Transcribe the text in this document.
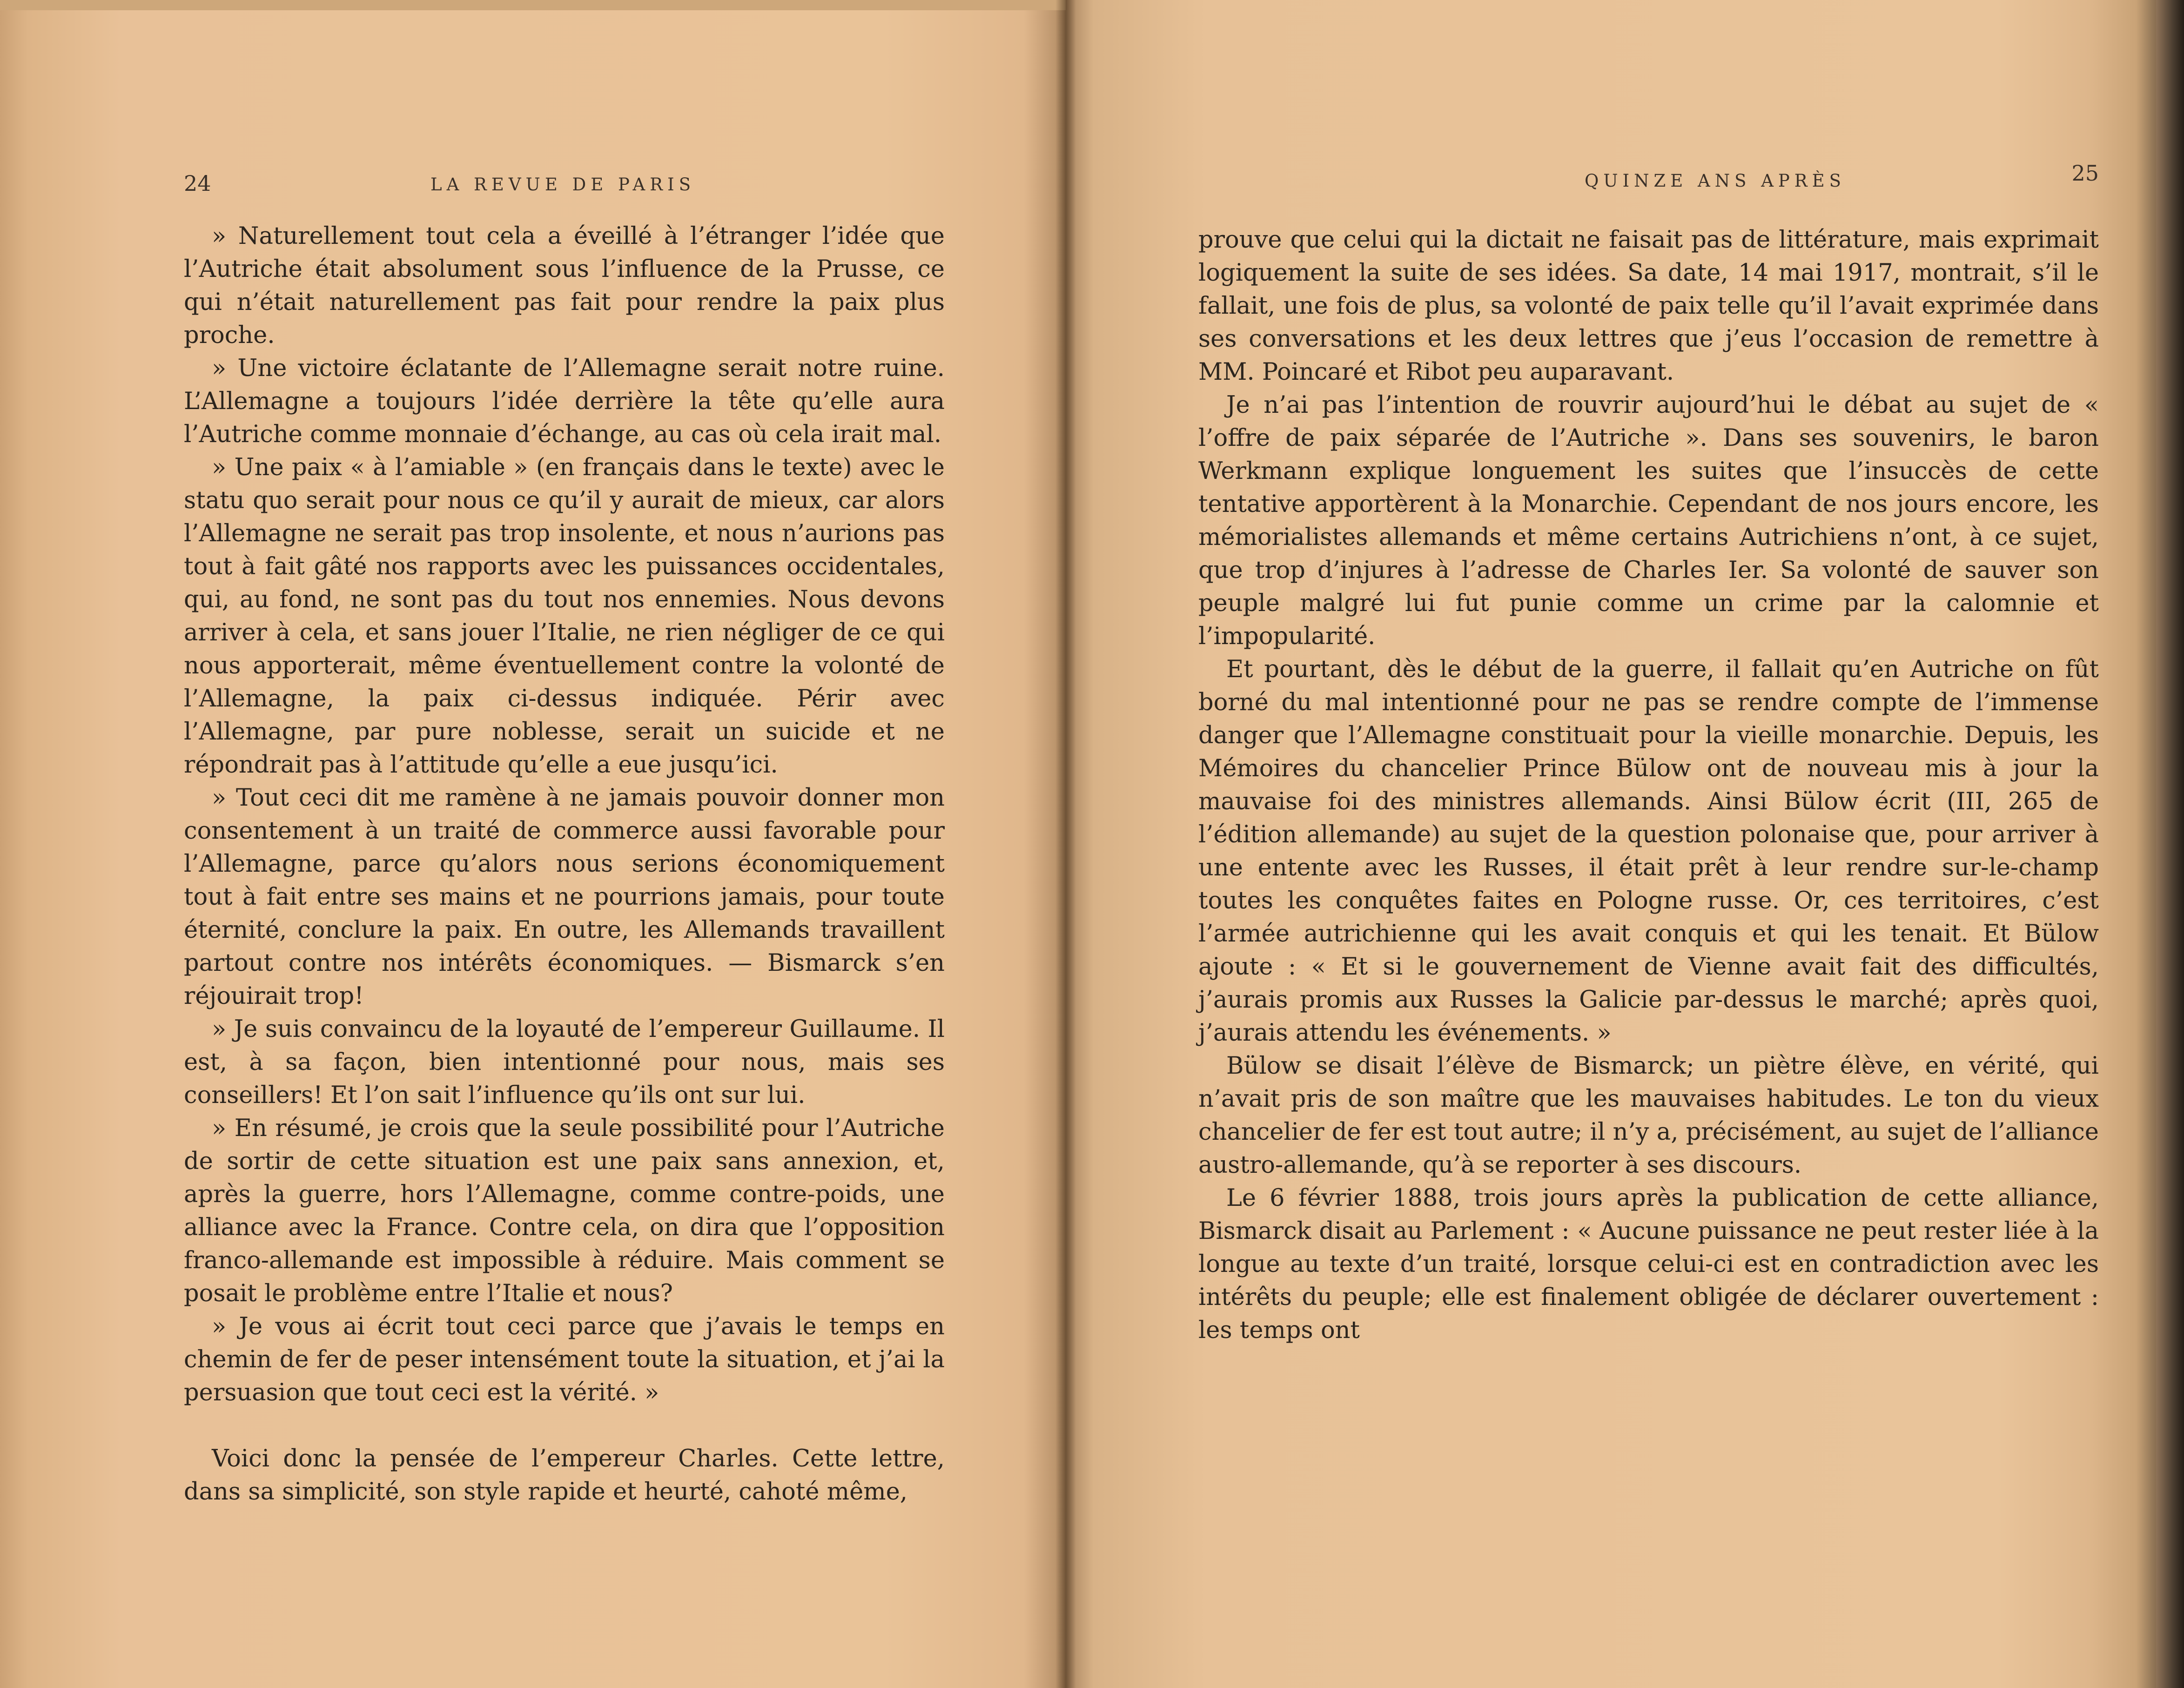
24	LA REVUE DE PARIS

» Naturellement tout cela a éveillé à l’étranger l’idée que l’Autriche était absolument sous l’influence de la Prusse, ce qui n’était naturellement pas fait pour rendre la paix plus proche.

» Une victoire éclatante de l’Allemagne serait notre ruine. L’Allemagne a toujours l’idée derrière la tête qu’elle aura l’Autriche comme monnaie d’échange, au cas où cela irait mal.

» Une paix « à l’amiable » (en français dans le texte) avec le statu quo serait pour nous ce qu’il y aurait de mieux, car alors l’Allemagne ne serait pas trop insolente, et nous n’aurions pas tout à fait gâté nos rapports avec les puissances occidentales, qui, au fond, ne sont pas du tout nos ennemies. Nous devons arriver à cela, et sans jouer l’Italie, ne rien négliger de ce qui nous apporterait, même éventuellement contre la volonté de l’Allemagne, la paix ci-dessus indiquée. Périr avec l’Allemagne, par pure noblesse, serait un suicide et ne répondrait pas à l’attitude qu’elle a eue jusqu’ici.

» Tout ceci dit me ramène à ne jamais pouvoir donner mon consentement à un traité de commerce aussi favorable pour l’Allemagne, parce qu’alors nous serions économiquement tout à fait entre ses mains et ne pourrions jamais, pour toute éternité, conclure la paix. En outre, les Allemands travaillent partout contre nos intérêts économiques. — Bismarck s’en réjouirait trop!

» Je suis convaincu de la loyauté de l’empereur Guillaume. Il est, à sa façon, bien intentionné pour nous, mais ses conseillers! Et l’on sait l’influence qu’ils ont sur lui.

» En résumé, je crois que la seule possibilité pour l’Autriche de sortir de cette situation est une paix sans annexion, et, après la guerre, hors l’Allemagne, comme contre-poids, une alliance avec la France. Contre cela, on dira que l’opposition franco-allemande est impossible à réduire. Mais comment se posait le problème entre l’Italie et nous?

» Je vous ai écrit tout ceci parce que j’avais le temps en chemin de fer de peser intensément toute la situation, et j’ai la persuasion que tout ceci est la vérité. »

Voici donc la pensée de l’empereur Charles. Cette lettre, dans sa simplicité, son style rapide et heurté, cahoté même,

QUINZE ANS APRÈS	25

prouve que celui qui la dictait ne faisait pas de littérature, mais exprimait logiquement la suite de ses idées. Sa date, 14 mai 1917, montrait, s’il le fallait, une fois de plus, sa volonté de paix telle qu’il l’avait exprimée dans ses conversations et les deux lettres que j’eus l’occasion de remettre à MM. Poincaré et Ribot peu auparavant.

Je n’ai pas l’intention de rouvrir aujourd’hui le débat au sujet de « l’offre de paix séparée de l’Autriche ». Dans ses souvenirs, le baron Werkmann explique longuement les suites que l’insuccès de cette tentative apportèrent à la Monarchie. Cependant de nos jours encore, les mémorialistes allemands et même certains Autrichiens n’ont, à ce sujet, que trop d’injures à l’adresse de Charles Ier. Sa volonté de sauver son peuple malgré lui fut punie comme un crime par la calomnie et l’impopularité.

Et pourtant, dès le début de la guerre, il fallait qu’en Autriche on fût borné du mal intentionné pour ne pas se rendre compte de l’immense danger que l’Allemagne constituait pour la vieille monarchie. Depuis, les Mémoires du chancelier Prince Bülow ont de nouveau mis à jour la mauvaise foi des ministres allemands. Ainsi Bülow écrit (III, 265 de l’édition allemande) au sujet de la question polonaise que, pour arriver à une entente avec les Russes, il était prêt à leur rendre sur-le-champ toutes les conquêtes faites en Pologne russe. Or, ces territoires, c’est l’armée autrichienne qui les avait conquis et qui les tenait. Et Bülow ajoute : « Et si le gouvernement de Vienne avait fait des difficultés, j’aurais promis aux Russes la Galicie par-dessus le marché; après quoi, j’aurais attendu les événements. »

Bülow se disait l’élève de Bismarck; un piètre élève, en vérité, qui n’avait pris de son maître que les mauvaises habitudes. Le ton du vieux chancelier de fer est tout autre; il n’y a, précisément, au sujet de l’alliance austro-allemande, qu’à se reporter à ses discours.

Le 6 février 1888, trois jours après la publication de cette alliance, Bismarck disait au Parlement : « Aucune puissance ne peut rester liée à la longue au texte d’un traité, lorsque celui-ci est en contradiction avec les intérêts du peuple; elle est finalement obligée de déclarer ouvertement : les temps ont
